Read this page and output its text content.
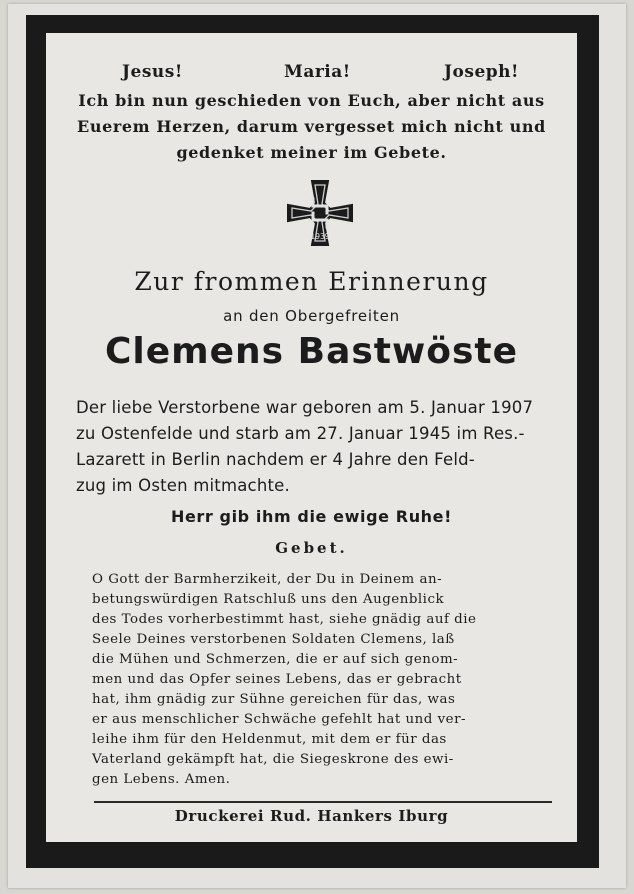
Jesus!	Maria!	Joseph!
Ich bin nun geschieden von Euch, aber nicht aus
Euerem Herzen, darum vergesset mich nicht und
gedenket meiner im Gebete.
1939
Zur frommen Erinnerung
an den Obergefreiten
Clemens Bastwöste
Der liebe Verstorbene war geboren am 5. Januar 1907
zu Ostenfelde und starb am 27. Januar 1945 im Res.-
Lazarett in Berlin nachdem er 4 Jahre den Feld-
zug im Osten mitmachte.
Herr gib ihm die ewige Ruhe!
Gebet.
O Gott der Barmherzikeit, der Du in Deinem an-
betungswürdigen Ratschluß uns den Augenblick
des Todes vorherbestimmt hast, siehe gnädig auf die
Seele Deines verstorbenen Soldaten Clemens, laß
die Mühen und Schmerzen, die er auf sich genom-
men und das Opfer seines Lebens, das er gebracht
hat, ihm gnädig zur Sühne gereichen für das, was
er aus menschlicher Schwäche gefehlt hat und ver-
leihe ihm für den Heldenmut, mit dem er für das
Vaterland gekämpft hat, die Siegeskrone des ewi-
gen Lebens. Amen.
Druckerei Rud. Hankers Iburg
